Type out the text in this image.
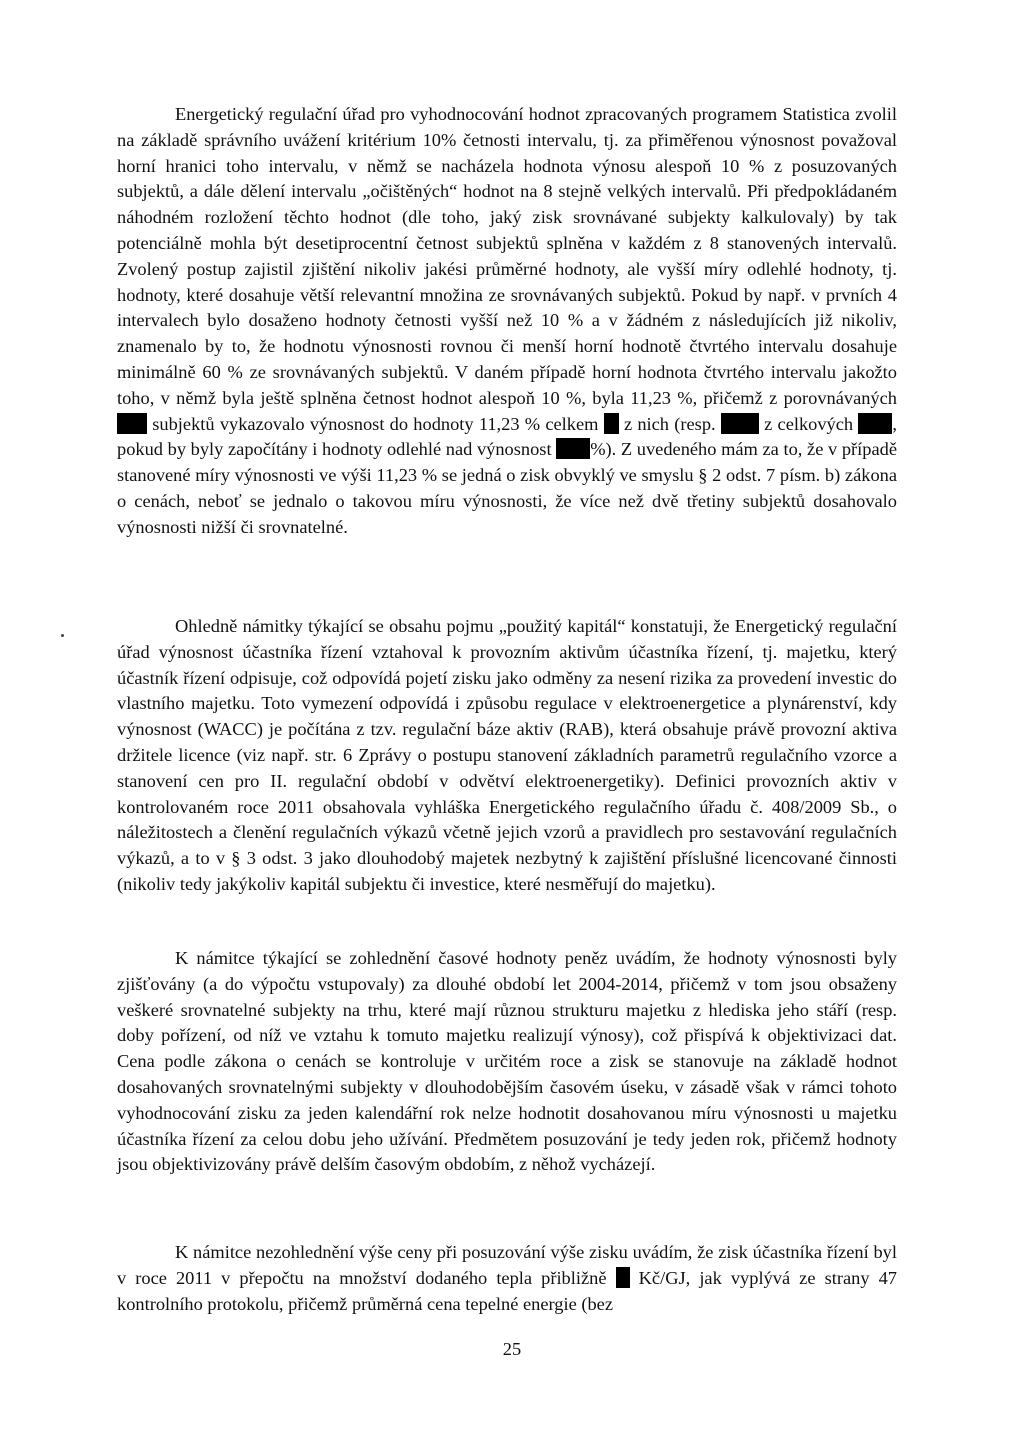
Energetický regulační úřad pro vyhodnocování hodnot zpracovaných programem Statistica zvolil na základě správního uvážení kritérium 10% četnosti intervalu, tj. za přiměřenou výnosnost považoval horní hranici toho intervalu, v němž se nacházela hodnota výnosu alespoň 10 % z posuzovaných subjektů, a dále dělení intervalu „očištěných“ hodnot na 8 stejně velkých intervalů. Při předpokládaném náhodném rozložení těchto hodnot (dle toho, jaký zisk srovnávané subjekty kalkulovaly) by tak potenciálně mohla být desetiprocentní četnost subjektů splněna v každém z 8 stanovených intervalů. Zvolený postup zajistil zjištění nikoliv jakési průměrné hodnoty, ale vyšší míry odlehlé hodnoty, tj. hodnoty, které dosahuje větší relevantní množina ze srovnávaných subjektů. Pokud by např. v prvních 4 intervalech bylo dosaženo hodnoty četnosti vyšší než 10 % a v žádném z následujících již nikoliv, znamenalo by to, že hodnotu výnosnosti rovnou či menší horní hodnotě čtvrtého intervalu dosahuje minimálně 60 % ze srovnávaných subjektů. V daném případě horní hodnota čtvrtého intervalu jakožto toho, v němž byla ještě splněna četnost hodnot alespoň 10 %, byla 11,23 %, přičemž z porovnávaných  subjektů vykazovalo výnosnost do hodnoty 11,23 % celkem z nich (resp.	z celkových , pokud by byly započítány i hodnoty odlehlé nad výnosnost %). Z uvedeného mám za to, že v případě stanovené míry výnosnosti ve výši 11,23 % se jedná o zisk obvyklý ve smyslu § 2 odst. 7 písm. b) zákona o cenách, neboť se jednalo o takovou míru výnosnosti, že více než dvě třetiny subjektů dosahovalo výnosnosti nižší či srovnatelné.

Ohledně námitky týkající se obsahu pojmu „použitý kapitál“ konstatuji, že Energetický regulační úřad výnosnost účastníka řízení vztahoval k provozním aktivům účastníka řízení, tj. majetku, který účastník řízení odpisuje, což odpovídá pojetí zisku jako odměny za nesení rizika za provedení investic do vlastního majetku. Toto vymezení odpovídá i způsobu regulace v elektroenergetice a plynárenství, kdy výnosnost (WACC) je počítána z tzv. regulační báze aktiv (RAB), která obsahuje právě provozní aktiva držitele licence (viz např. str. 6 Zprávy o postupu stanovení základních parametrů regulačního vzorce a stanovení cen pro II. regulační období v odvětví elektroenergetiky). Definici provozních aktiv v kontrolovaném roce 2011 obsahovala vyhláška Energetického regulačního úřadu č. 408/2009 Sb., o náležitostech a členění regulačních výkazů včetně jejich vzorů a pravidlech pro sestavování regulačních výkazů, a to v § 3 odst. 3 jako dlouhodobý majetek nezbytný k zajištění příslušné licencované činnosti (nikoliv tedy jakýkoliv kapitál subjektu či investice, které nesměřují do majetku).

K námitce týkající se zohlednění časové hodnoty peněz uvádím, že hodnoty výnosnosti byly zjišťovány (a do výpočtu vstupovaly) za dlouhé období let 2004-2014, přičemž v tom jsou obsaženy veškeré srovnatelné subjekty na trhu, které mají různou strukturu majetku z hlediska jeho stáří (resp. doby pořízení, od níž ve vztahu k tomuto majetku realizují výnosy), což přispívá k objektivizaci dat. Cena podle zákona o cenách se kontroluje v určitém roce a zisk se stanovuje na základě hodnot dosahovaných srovnatelnými subjekty v dlouhodobějším časovém úseku, v zásadě však v rámci tohoto vyhodnocování zisku za jeden kalendářní rok nelze hodnotit dosahovanou míru výnosnosti u majetku účastníka řízení za celou dobu jeho užívání. Předmětem posuzování je tedy jeden rok, přičemž hodnoty jsou objektivizovány právě delším časovým obdobím, z něhož vycházejí.

K námitce nezohlednění výše ceny při posuzování výše zisku uvádím, že zisk účastníka řízení byl v roce 2011 v přepočtu na množství dodaného tepla přibližně Kč/GJ, jak vyplývá ze strany 47 kontrolního protokolu, přičemž průměrná cena tepelné energie (bez

25
